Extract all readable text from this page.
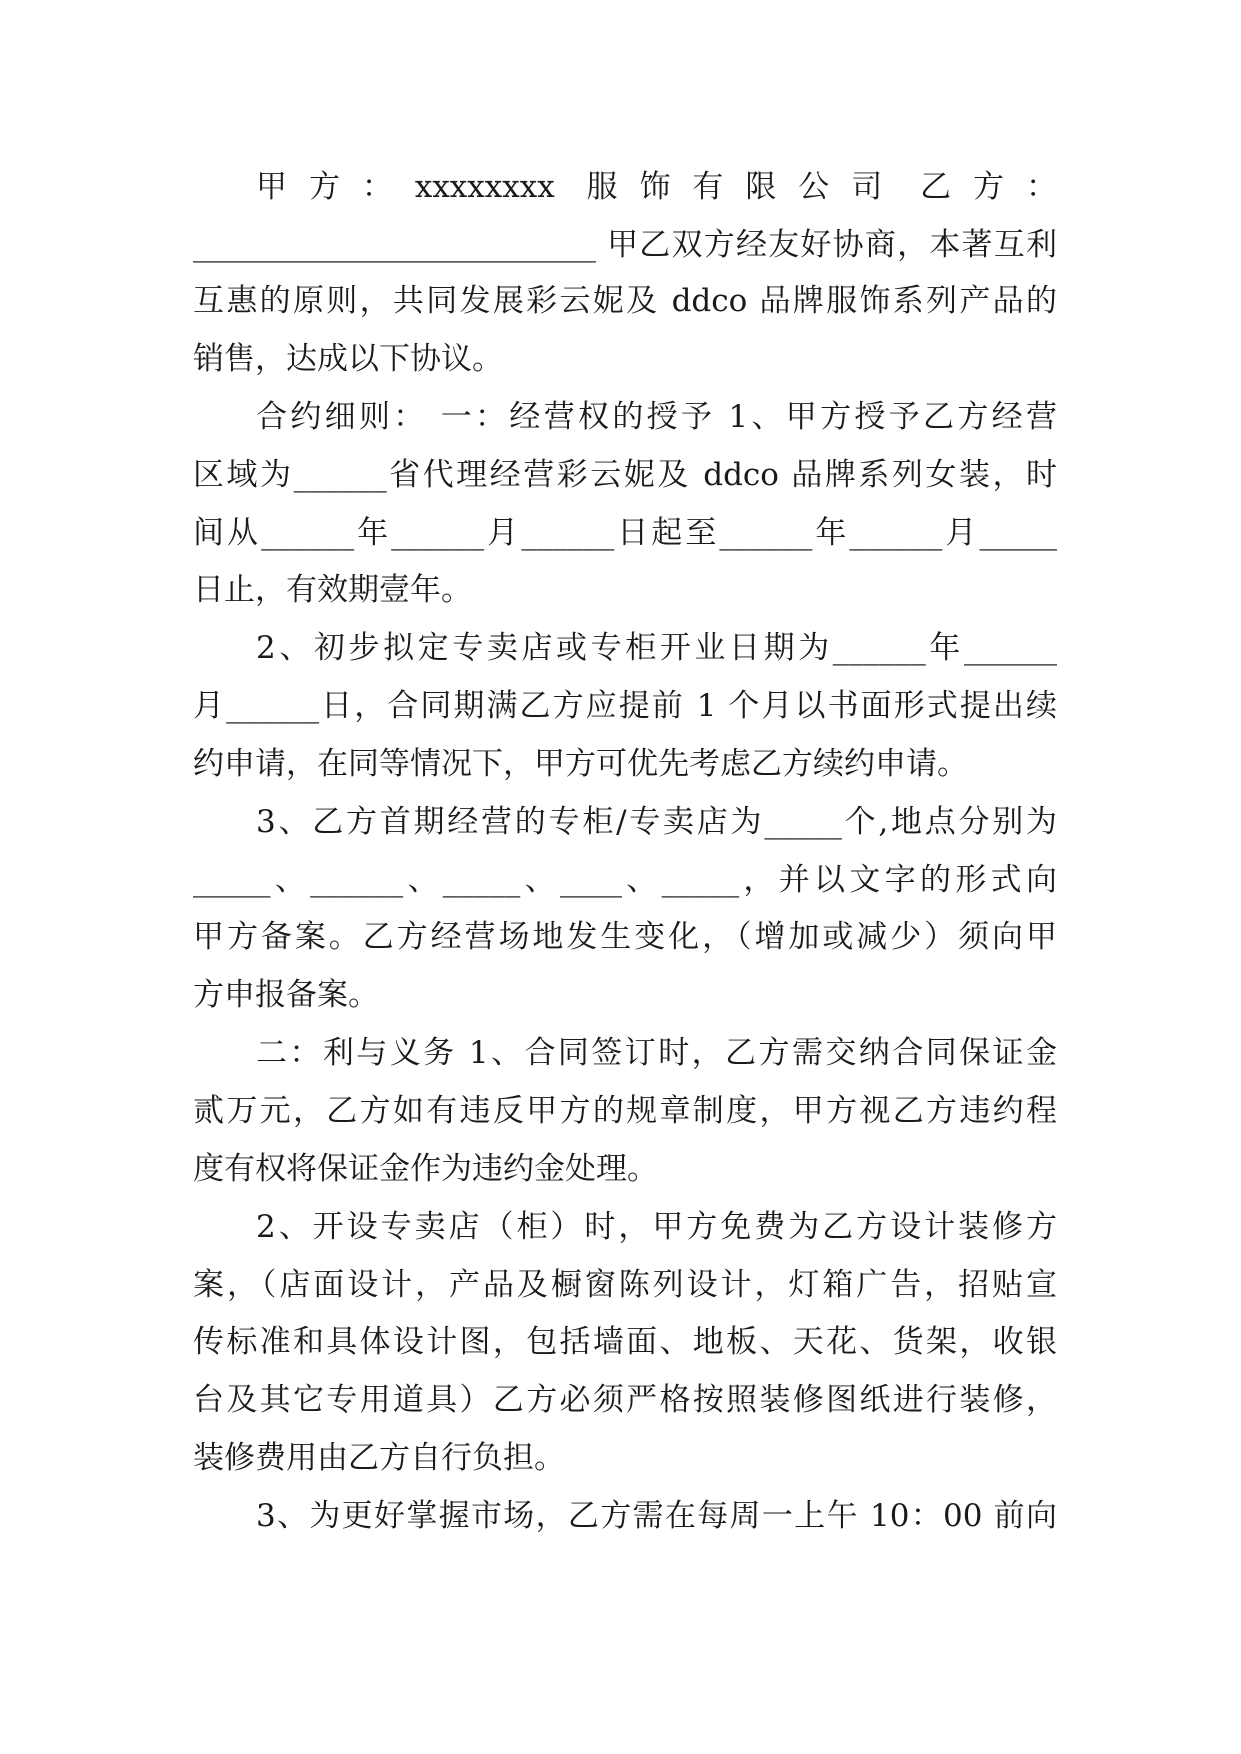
甲 方 ： xxxxxxxx  服 饰 有 限 公 司  乙 方 ：
__________________________ 甲乙双方经友好协商，本著互利
互惠的原则，共同发展彩云妮及 ddco 品牌服饰系列产品的
销售，达成以下协议。
合约细则： 一：经营权的授予 1、甲方授予乙方经营
区域为______省代理经营彩云妮及 ddco 品牌系列女装，时
间从______年______月______日起至______年______月_____
日止，有效期壹年。
2、初步拟定专卖店或专柜开业日期为______年______
月______日，合同期满乙方应提前 1 个月以书面形式提出续
约申请，在同等情况下，甲方可优先考虑乙方续约申请。
3、乙方首期经营的专柜/专卖店为_____个,地点分别为
_____、______、_____、____、_____，并以文字的形式向
甲方备案。乙方经营场地发生变化，（增加或减少）须向甲
方申报备案。
二：利与义务 1、合同签订时，乙方需交纳合同保证金
贰万元，乙方如有违反甲方的规章制度，甲方视乙方违约程
度有权将保证金作为违约金处理。
2、开设专卖店（柜）时，甲方免费为乙方设计装修方
案，（店面设计，产品及橱窗陈列设计，灯箱广告，招贴宣
传标准和具体设计图，包括墙面、地板、天花、货架，收银
台及其它专用道具）乙方必须严格按照装修图纸进行装修，
装修费用由乙方自行负担。
3、为更好掌握市场，乙方需在每周一上午 10：00 前向
